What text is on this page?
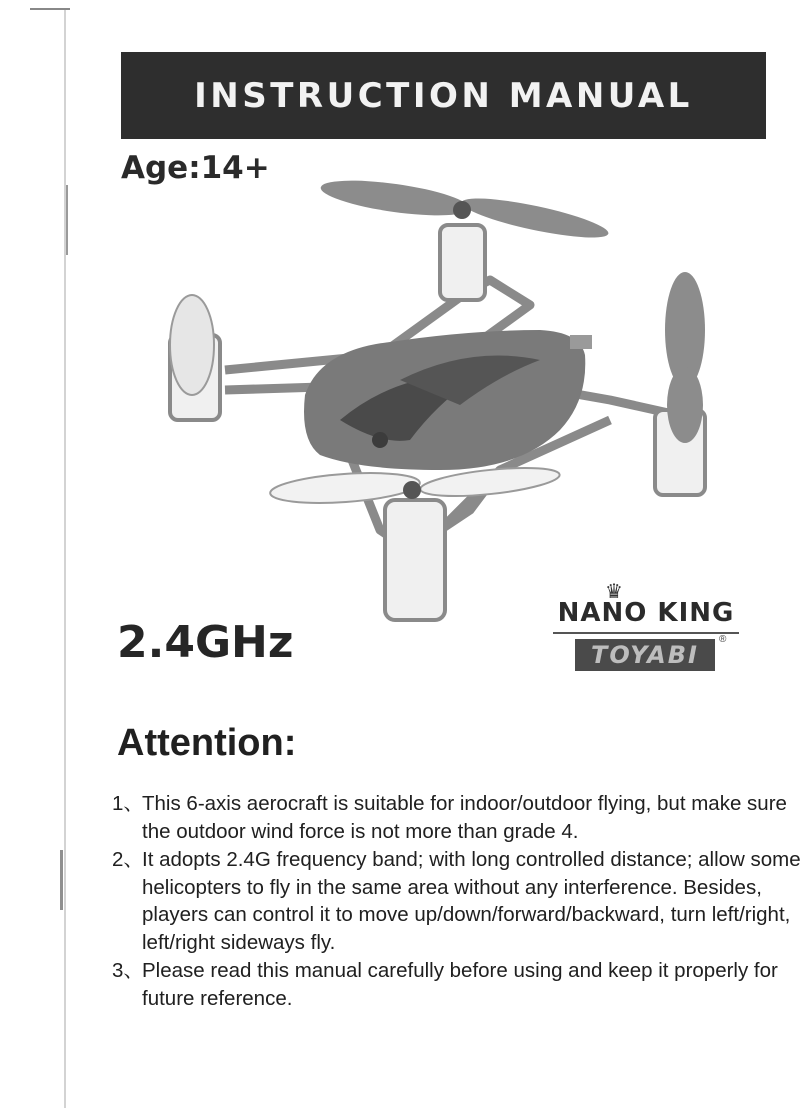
INSTRUCTION MANUAL
Age:14+
♛
NANO KING
TOYABI
®
2.4GHz
Attention:
1、
This 6-axis aerocraft is suitable for indoor/outdoor flying, but make sure the outdoor wind force is not more than grade 4.
2、
It adopts 2.4G frequency band; with long controlled distance; allow some helicopters to fly in the same area without any interference. Besides, players can control it to move up/down/forward/backward, turn left/right, left/right sideways fly.
3、
Please read this manual carefully before using and keep it properly for future reference.
